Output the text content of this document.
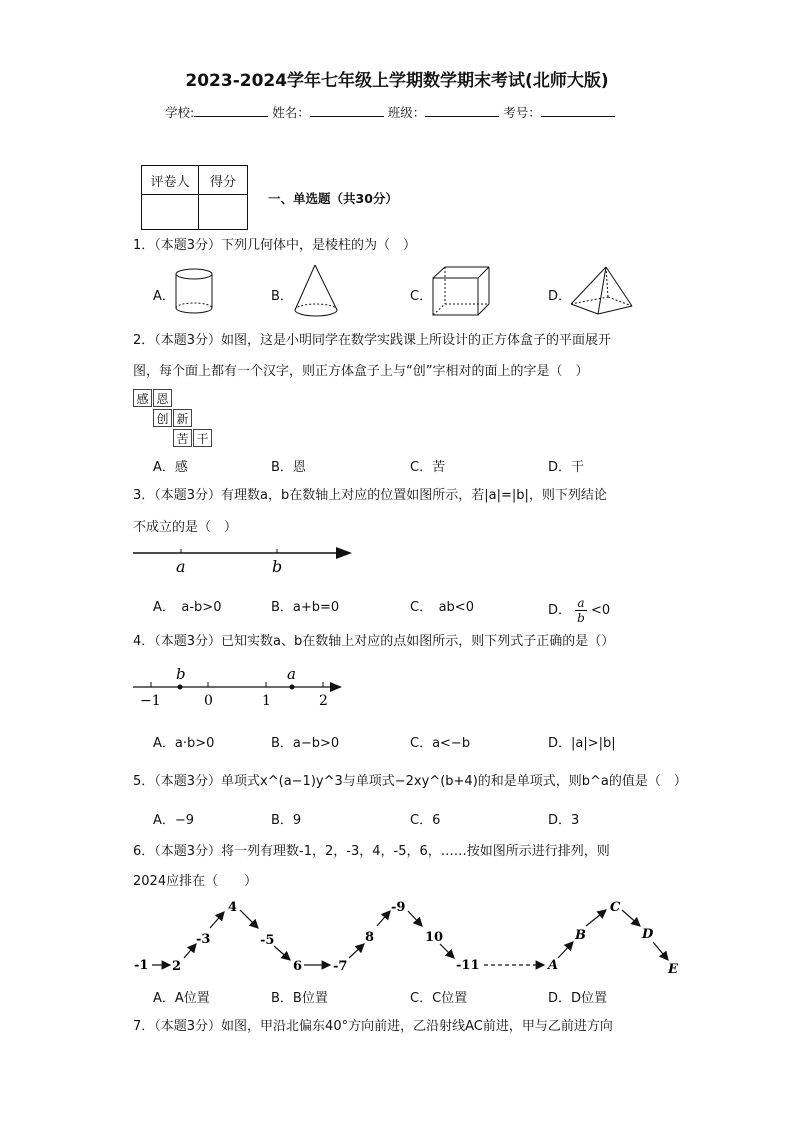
2023-2024学年七年级上学期数学期末考试(北师大版)
学校:	姓名：	班级：	考号：
评卷人	得分

一、单选题（共30分）
1．（本题3分）下列几何体中，是棱柱的为（　）
A．	B．	C．	D．
2．（本题3分）如图，这是小明同学在数学实践课上所设计的正方体盒子的平面展开
图，每个面上都有一个汉字，则正方体盒子上与“创”字相对的面上的字是（　）
感 恩
创 新
苦 干
A．感	B．恩	C．苦	D．干
3．（本题3分）有理数a，b在数轴上对应的位置如图所示，若|a|=|b|，则下列结论
不成立的是（　）
a	b
A．　a-b>0	B．a+b=0	C．　ab<0	D． $\frac{a}{b} <0$
4．（本题3分）已知实数a、b在数轴上对应的点如图所示，则下列式子正确的是（）
b	a
−1	0	1	2
A．a·b>0	B．a−b>0	C．a<−b	D．|a|>|b|
5．（本题3分）单项式x^(a−1)y^3与单项式−2xy^(b+4)的和是单项式，则b^a的值是（　）
A．−9	B．9	C．6	D．3
6．（本题3分）将一列有理数-1，2，-3，4，-5，6，……按如图所示进行排列，则
2024应排在（　　）
-1 2
-3
4
-5
6 -7
8
-9
10
-11	A
B
C
D
E
A．A位置	B．B位置	C．C位置	D．D位置
7．（本题3分）如图，甲沿北偏东40°方向前进，乙沿射线AC前进，甲与乙前进方向
